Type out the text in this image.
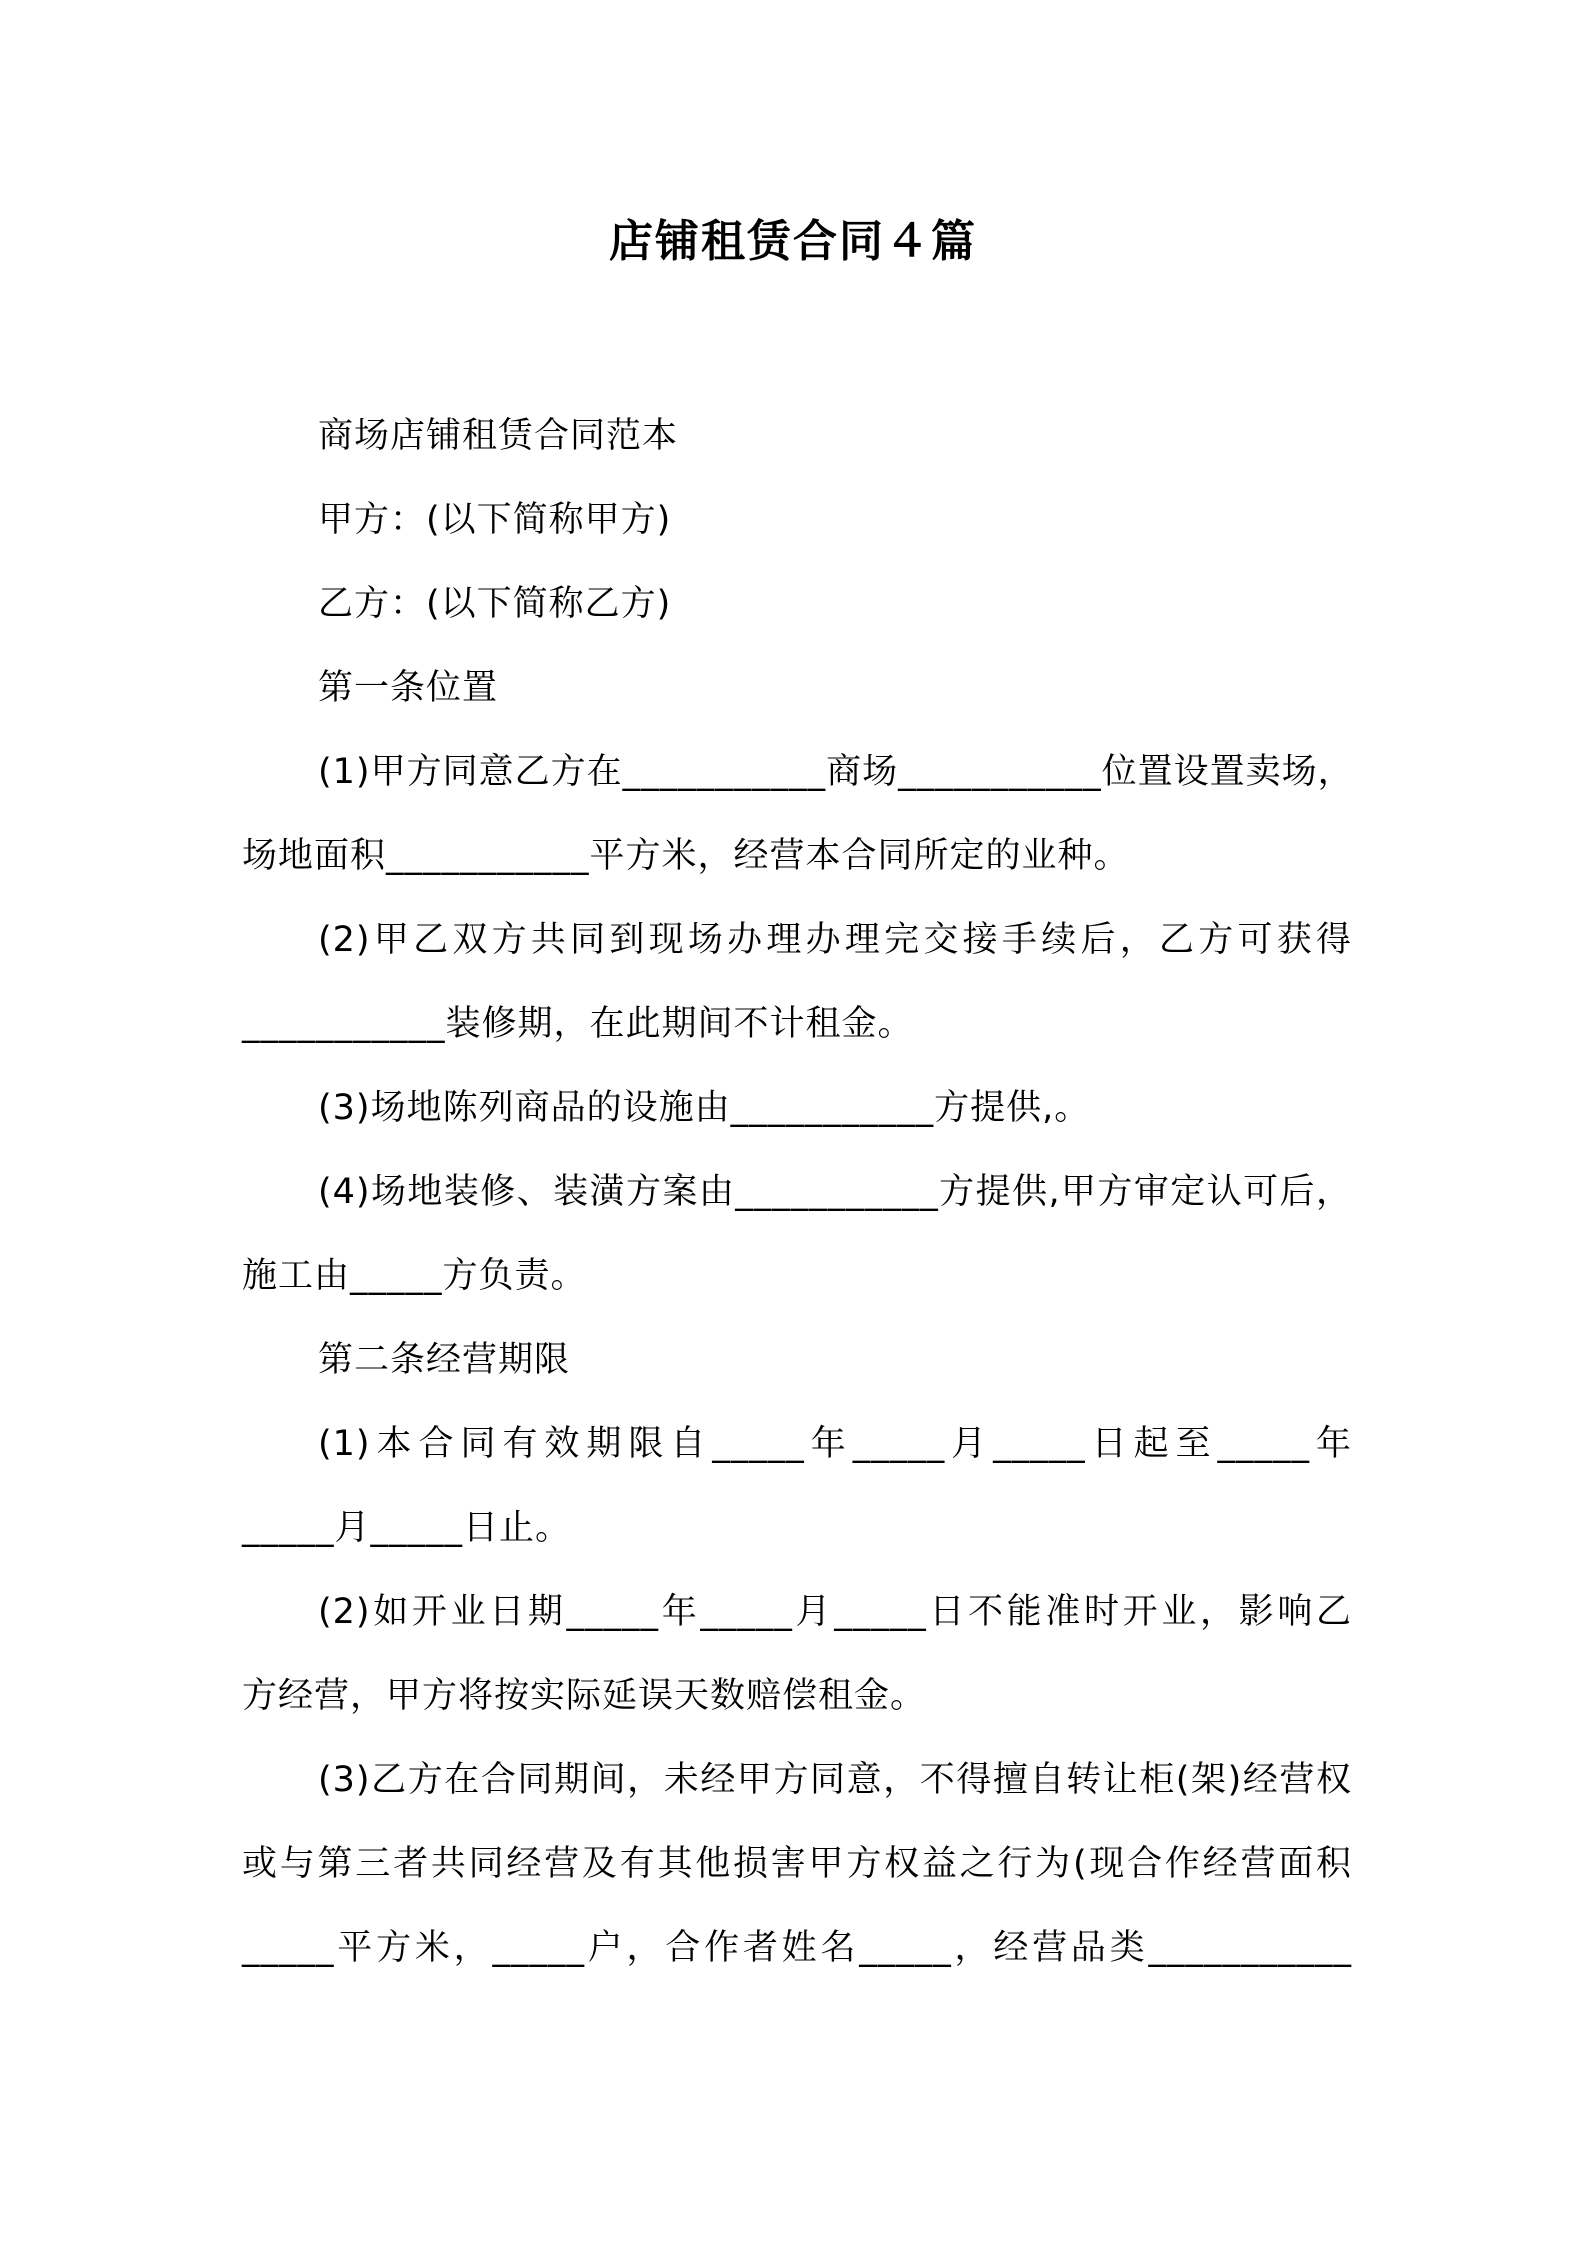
店铺租赁合同４篇
商场店铺租赁合同范本
甲方：(以下简称甲方)
乙方：(以下简称乙方)
第一条位置
(1)甲方同意乙方在___________商场___________位置设置卖场，
场地面积___________平方米，经营本合同所定的业种。
(2)甲乙双方共同到现场办理办理完交接手续后，乙方可获得
___________装修期，在此期间不计租金。
(3)场地陈列商品的设施由___________方提供,。
(4)场地装修、装潢方案由___________方提供,甲方审定认可后，
施工由_____方负责。
第二条经营期限
(1)本合同有效期限自_____年_____月_____日起至_____年
_____月_____日止。
(2)如开业日期_____年_____月_____日不能准时开业，影响乙
方经营，甲方将按实际延误天数赔偿租金。
(3)乙方在合同期间，未经甲方同意，不得擅自转让柜(架)经营权
或与第三者共同经营及有其他损害甲方权益之行为(现合作经营面积
_____平方米，_____户，合作者姓名_____，经营品类___________
